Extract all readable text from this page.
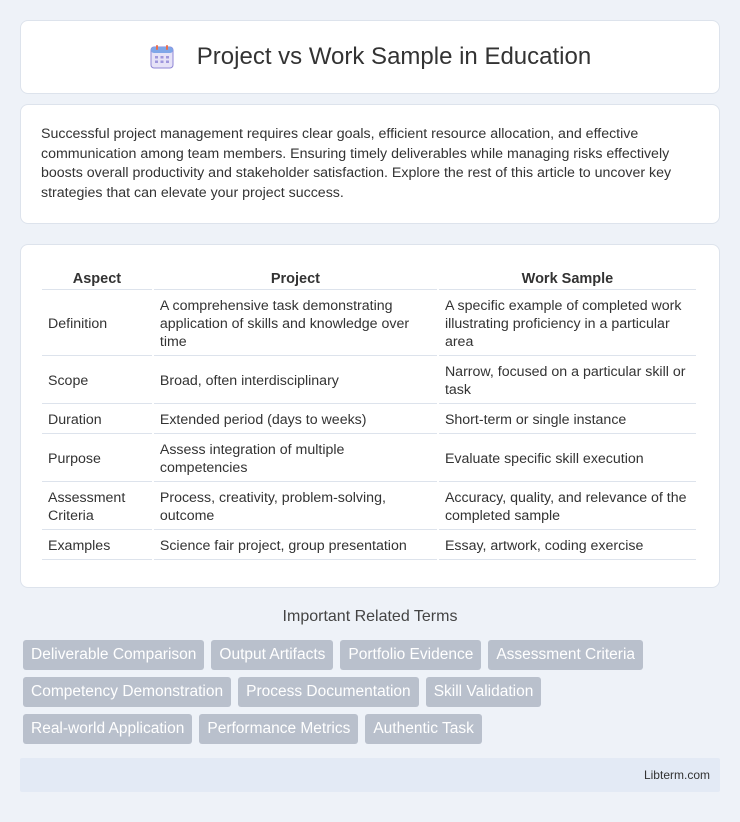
Project vs Work Sample in Education

Successful project management requires clear goals, efficient resource allocation, and effective communication among team members. Ensuring timely deliverables while managing risks effectively boosts overall productivity and stakeholder satisfaction. Explore the rest of this article to uncover key strategies that can elevate your project success.

Aspect	Project	Work Sample
Definition	A comprehensive task demonstrating application of skills and knowledge over time	A specific example of completed work illustrating proficiency in a particular area
Scope	Broad, often interdisciplinary	Narrow, focused on a particular skill or task
Duration	Extended period (days to weeks)	Short-term or single instance
Purpose	Assess integration of multiple competencies	Evaluate specific skill execution
Assessment Criteria	Process, creativity, problem-solving, outcome	Accuracy, quality, and relevance of the completed sample
Examples	Science fair project, group presentation	Essay, artwork, coding exercise
Important Related Terms
Deliverable Comparison	Output Artifacts	Portfolio Evidence	Assessment Criteria
Competency Demonstration	Process Documentation	Skill Validation
Real-world Application	Performance Metrics	Authentic Task
Libterm.com
